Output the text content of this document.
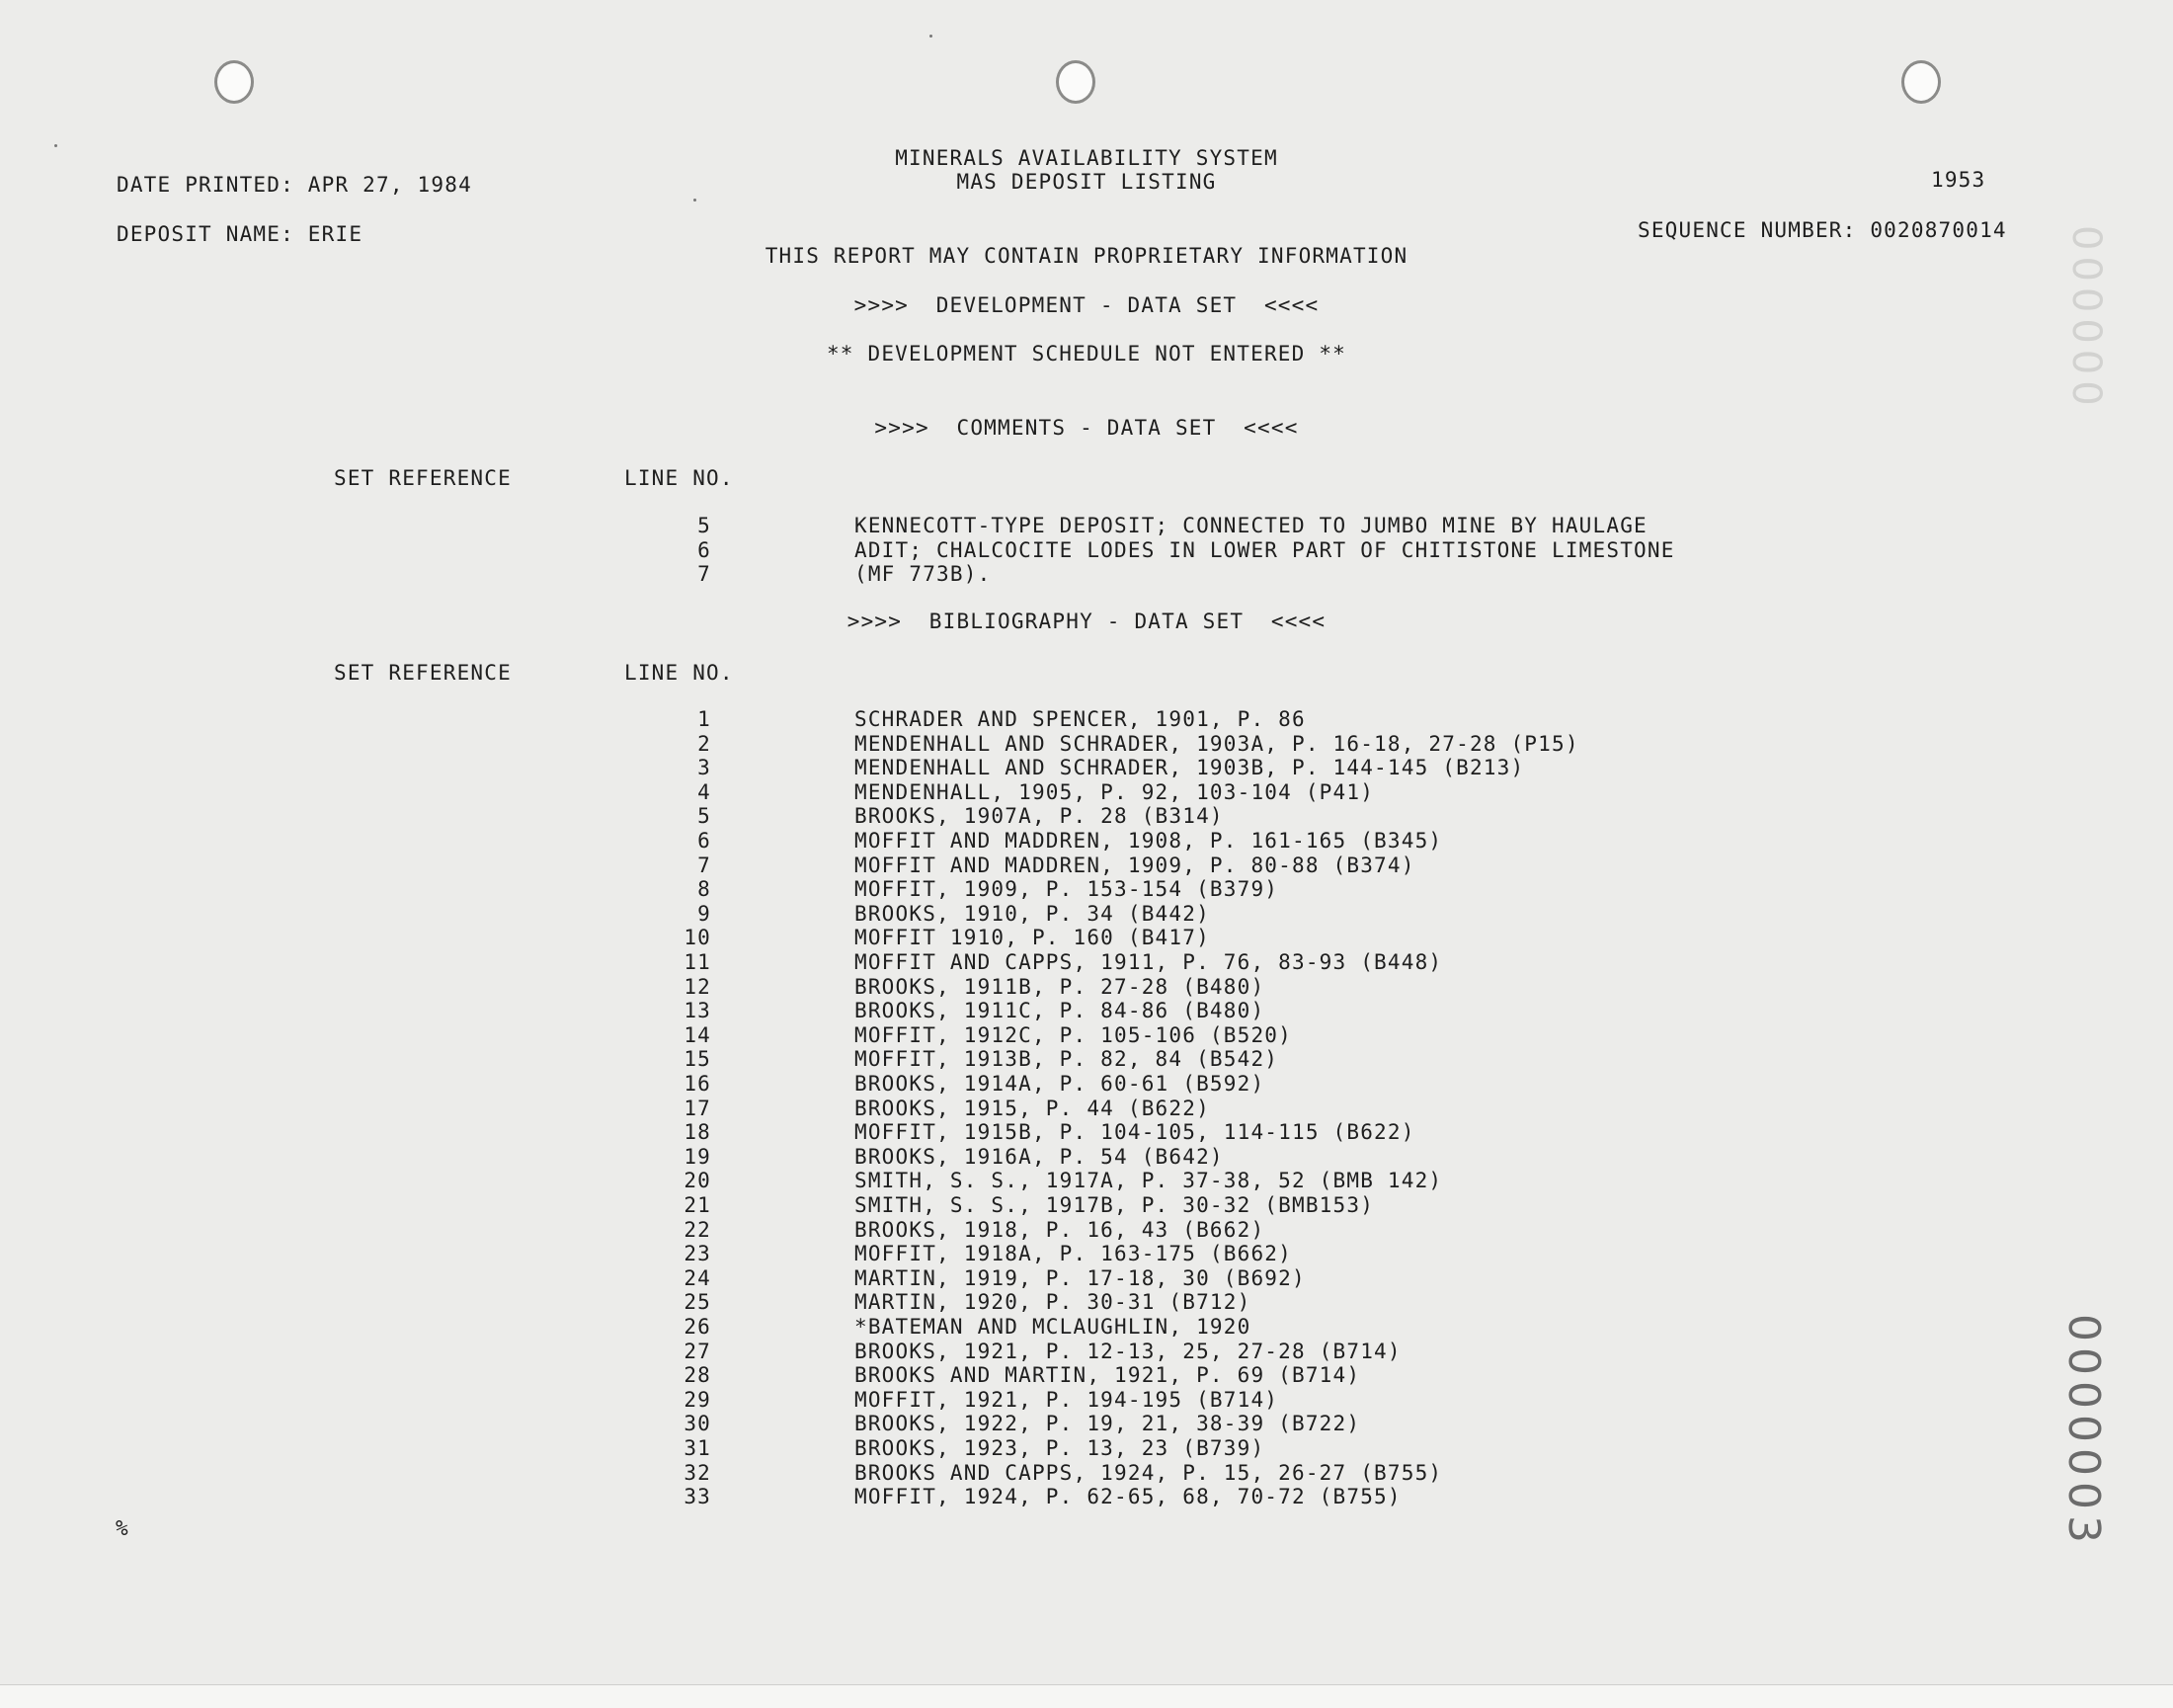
MINERALS AVAILABILITY SYSTEM
MAS DEPOSIT LISTING	1953
DATE PRINTED: APR 27, 1984
DEPOSIT NAME: ERIE	SEQUENCE NUMBER: 0020870014
THIS REPORT MAY CONTAIN PROPRIETARY INFORMATION
>>>>  DEVELOPMENT - DATA SET  <<<<
** DEVELOPMENT SCHEDULE NOT ENTERED **
>>>>  COMMENTS - DATA SET  <<<<
SET REFERENCE	LINE NO.
5	KENNECOTT-TYPE DEPOSIT; CONNECTED TO JUMBO MINE BY HAULAGE
6	ADIT; CHALCOCITE LODES IN LOWER PART OF CHITISTONE LIMESTONE
7	(MF 773B).
>>>>  BIBLIOGRAPHY - DATA SET  <<<<
SET REFERENCE	LINE NO.
1	SCHRADER AND SPENCER, 1901, P. 86
2	MENDENHALL AND SCHRADER, 1903A, P. 16-18, 27-28 (P15)
3	MENDENHALL AND SCHRADER, 1903B, P. 144-145 (B213)
4	MENDENHALL, 1905, P. 92, 103-104 (P41)
5	BROOKS, 1907A, P. 28 (B314)
6	MOFFIT AND MADDREN, 1908, P. 161-165 (B345)
7	MOFFIT AND MADDREN, 1909, P. 80-88 (B374)
8	MOFFIT, 1909, P. 153-154 (B379)
9	BROOKS, 1910, P. 34 (B442)
10	MOFFIT 1910, P. 160 (B417)
11	MOFFIT AND CAPPS, 1911, P. 76, 83-93 (B448)
12	BROOKS, 1911B, P. 27-28 (B480)
13	BROOKS, 1911C, P. 84-86 (B480)
14	MOFFIT, 1912C, P. 105-106 (B520)
15	MOFFIT, 1913B, P. 82, 84 (B542)
16	BROOKS, 1914A, P. 60-61 (B592)
17	BROOKS, 1915, P. 44 (B622)
18	MOFFIT, 1915B, P. 104-105, 114-115 (B622)
19	BROOKS, 1916A, P. 54 (B642)
20	SMITH, S. S., 1917A, P. 37-38, 52 (BMB 142)
21	SMITH, S. S., 1917B, P. 30-32 (BMB153)
22	BROOKS, 1918, P. 16, 43 (B662)
23	MOFFIT, 1918A, P. 163-175 (B662)
24	MARTIN, 1919, P. 17-18, 30 (B692)
25	MARTIN, 1920, P. 30-31 (B712)
26	*BATEMAN AND MCLAUGHLIN, 1920
27	BROOKS, 1921, P. 12-13, 25, 27-28 (B714)
28	BROOKS AND MARTIN, 1921, P. 69 (B714)
29	MOFFIT, 1921, P. 194-195 (B714)
30	BROOKS, 1922, P. 19, 21, 38-39 (B722)
31	BROOKS, 1923, P. 13, 23 (B739)
32	BROOKS AND CAPPS, 1924, P. 15, 26-27 (B755)
33	MOFFIT, 1924, P. 62-65, 68, 70-72 (B755)
%
000000
0000003
